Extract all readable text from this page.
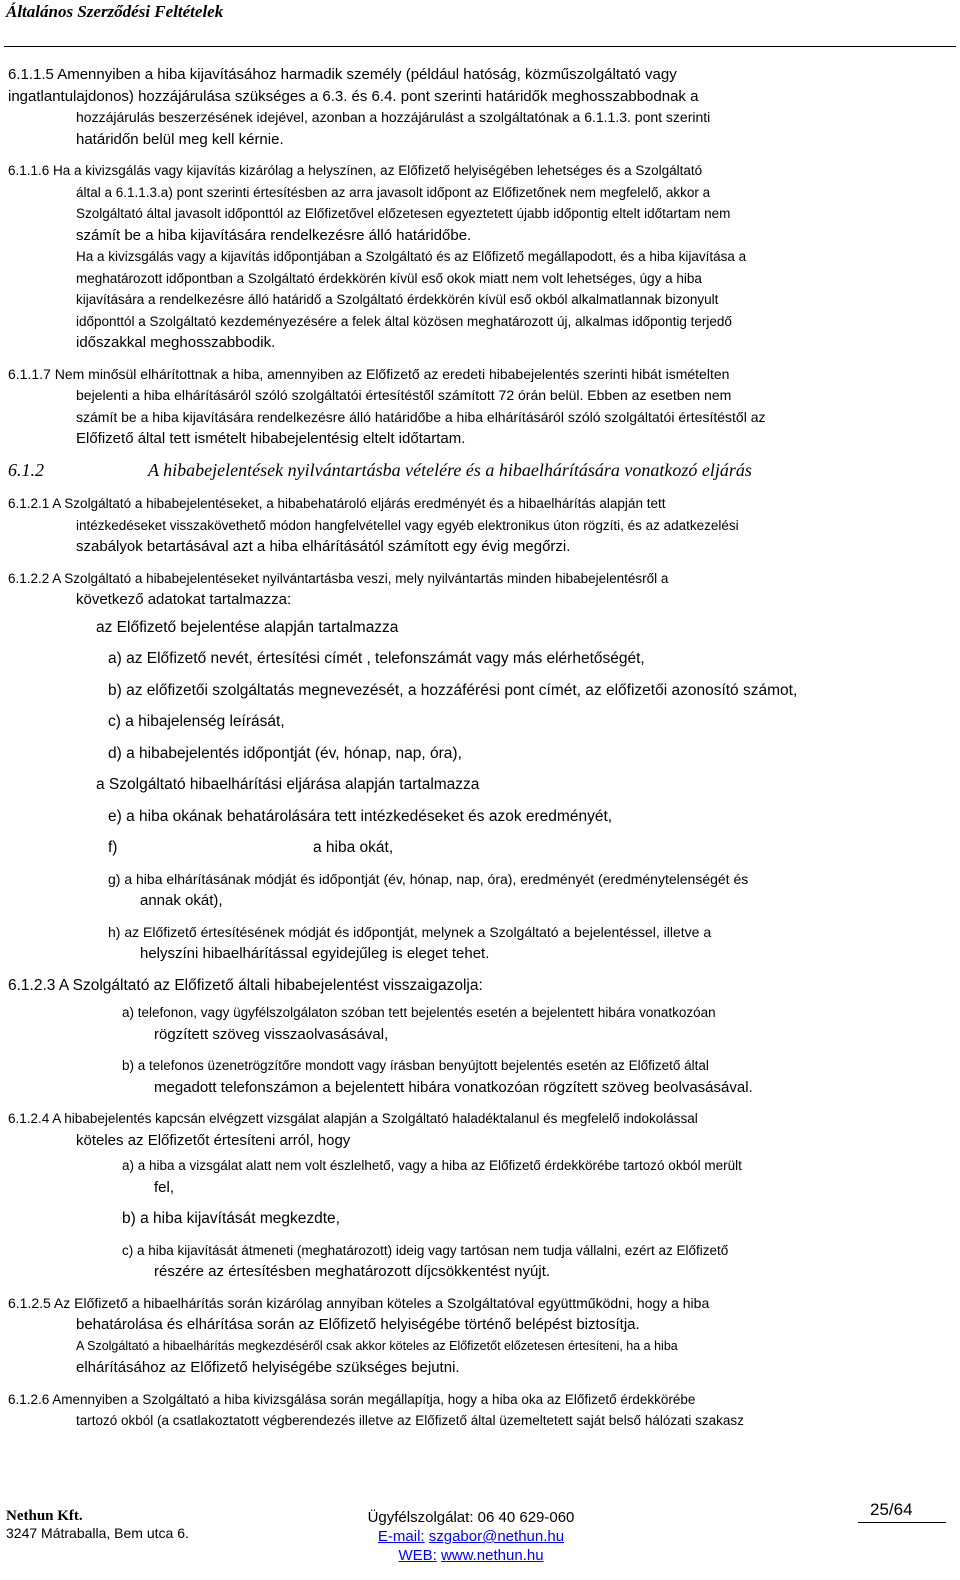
Általános Szerződési Feltételek
6.1.1.5 Amennyiben a hiba kijavításához harmadik személy (például hatóság, közműszolgáltató vagy
ingatlantulajdonos) hozzájárulása szükséges a 6.3. és 6.4. pont szerinti határidők meghosszabbodnak a
hozzájárulás beszerzésének idejével, azonban a hozzájárulást a szolgáltatónak a 6.1.1.3. pont szerinti
határidőn belül meg kell kérnie.
6.1.1.6 Ha a kivizsgálás vagy kijavítás kizárólag a helyszínen, az Előfizető helyiségében lehetséges és a Szolgáltató
által a 6.1.1.3.a) pont szerinti értesítésben az arra javasolt időpont az Előfizetőnek nem megfelelő, akkor a
Szolgáltató által javasolt időponttól az Előfizetővel előzetesen egyeztetett újabb időpontig eltelt időtartam nem
számít be a hiba kijavítására rendelkezésre álló határidőbe.
Ha a kivizsgálás vagy a kijavítás időpontjában a Szolgáltató és az Előfizető megállapodott, és a hiba kijavítása a
meghatározott időpontban a Szolgáltató érdekkörén kívül eső okok miatt nem volt lehetséges, úgy a hiba
kijavítására a rendelkezésre álló határidő a Szolgáltató érdekkörén kívül eső okból alkalmatlannak bizonyult
időponttól a Szolgáltató kezdeményezésére a felek által közösen meghatározott új, alkalmas időpontig terjedő
időszakkal meghosszabbodik.
6.1.1.7 Nem minősül elhárítottnak a hiba, amennyiben az Előfizető az eredeti hibabejelentés szerinti hibát ismételten
bejelenti a hiba elhárításáról szóló szolgáltatói értesítéstől számított 72 órán belül. Ebben az esetben nem
számít be a hiba kijavítására rendelkezésre álló határidőbe a hiba elhárításáról szóló szolgáltatói értesítéstől az
Előfizető által tett ismételt hibabejelentésig eltelt időtartam.
6.1.2	A hibabejelentések nyilvántartásba vételére és a hibaelhárítására vonatkozó eljárás
6.1.2.1 A Szolgáltató a hibabejelentéseket, a hibabehatároló eljárás eredményét és a hibaelhárítás alapján tett
intézkedéseket visszakövethető módon hangfelvétellel vagy egyéb elektronikus úton rögzíti, és az adatkezelési
szabályok betartásával azt a hiba elhárításától számított egy évig megőrzi.
6.1.2.2 A Szolgáltató a hibabejelentéseket nyilvántartásba veszi, mely nyilvántartás minden hibabejelentésről a
következő adatokat tartalmazza:
az Előfizető bejelentése alapján tartalmazza
a) az Előfizető nevét, értesítési címét , telefonszámát vagy más elérhetőségét,
b) az előfizetői szolgáltatás megnevezését, a hozzáférési pont címét, az előfizetői azonosító számot,
c) a hibajelenség leírását,
d) a hibabejelentés időpontját (év, hónap, nap, óra),
a Szolgáltató hibaelhárítási eljárása alapján tartalmazza
e) a hiba okának behatárolására tett intézkedéseket és azok eredményét,
f)	a hiba okát,
g) a hiba elhárításának módját és időpontját (év, hónap, nap, óra), eredményét (eredménytelenségét és
annak okát),
h) az Előfizető értesítésének módját és időpontját, melynek a Szolgáltató a bejelentéssel, illetve a
helyszíni hibaelhárítással egyidejűleg is eleget tehet.
6.1.2.3 A Szolgáltató az Előfizető általi hibabejelentést visszaigazolja:
a) telefonon, vagy ügyfélszolgálaton szóban tett bejelentés esetén a bejelentett hibára vonatkozóan
rögzített szöveg visszaolvasásával,
b) a telefonos üzenetrögzítőre mondott vagy írásban benyújtott bejelentés esetén az Előfizető által
megadott telefonszámon a bejelentett hibára vonatkozóan rögzített szöveg beolvasásával.
6.1.2.4 A hibabejelentés kapcsán elvégzett vizsgálat alapján a Szolgáltató haladéktalanul és megfelelő indokolással
köteles az Előfizetőt értesíteni arról, hogy
a) a hiba a vizsgálat alatt nem volt észlelhető, vagy a hiba az Előfizető érdekkörébe tartozó okból merült
fel,
b) a hiba kijavítását megkezdte,
c) a hiba kijavítását átmeneti (meghatározott) ideig vagy tartósan nem tudja vállalni, ezért az Előfizető
részére az értesítésben meghatározott díjcsökkentést nyújt.
6.1.2.5 Az Előfizető a hibaelhárítás során kizárólag annyiban köteles a Szolgáltatóval együttműködni, hogy a hiba
behatárolása és elhárítása során az Előfizető helyiségébe történő belépést biztosítja.
A Szolgáltató a hibaelhárítás megkezdéséről csak akkor köteles az Előfizetőt előzetesen értesíteni, ha a hiba
elhárításához az Előfizető helyiségébe szükséges bejutni.
6.1.2.6 Amennyiben a Szolgáltató a hiba kivizsgálása során megállapítja, hogy a hiba oka az Előfizető érdekkörébe
tartozó okból (a csatlakoztatott végberendezés illetve az Előfizető által üzemeltetett saját belső hálózati szakasz
Nethun Kft.
3247 Mátraballa, Bem utca 6.
Ügyfélszolgálat: 06 40 629-060
E-mail: szgabor@nethun.hu
WEB: www.nethun.hu
25/64
